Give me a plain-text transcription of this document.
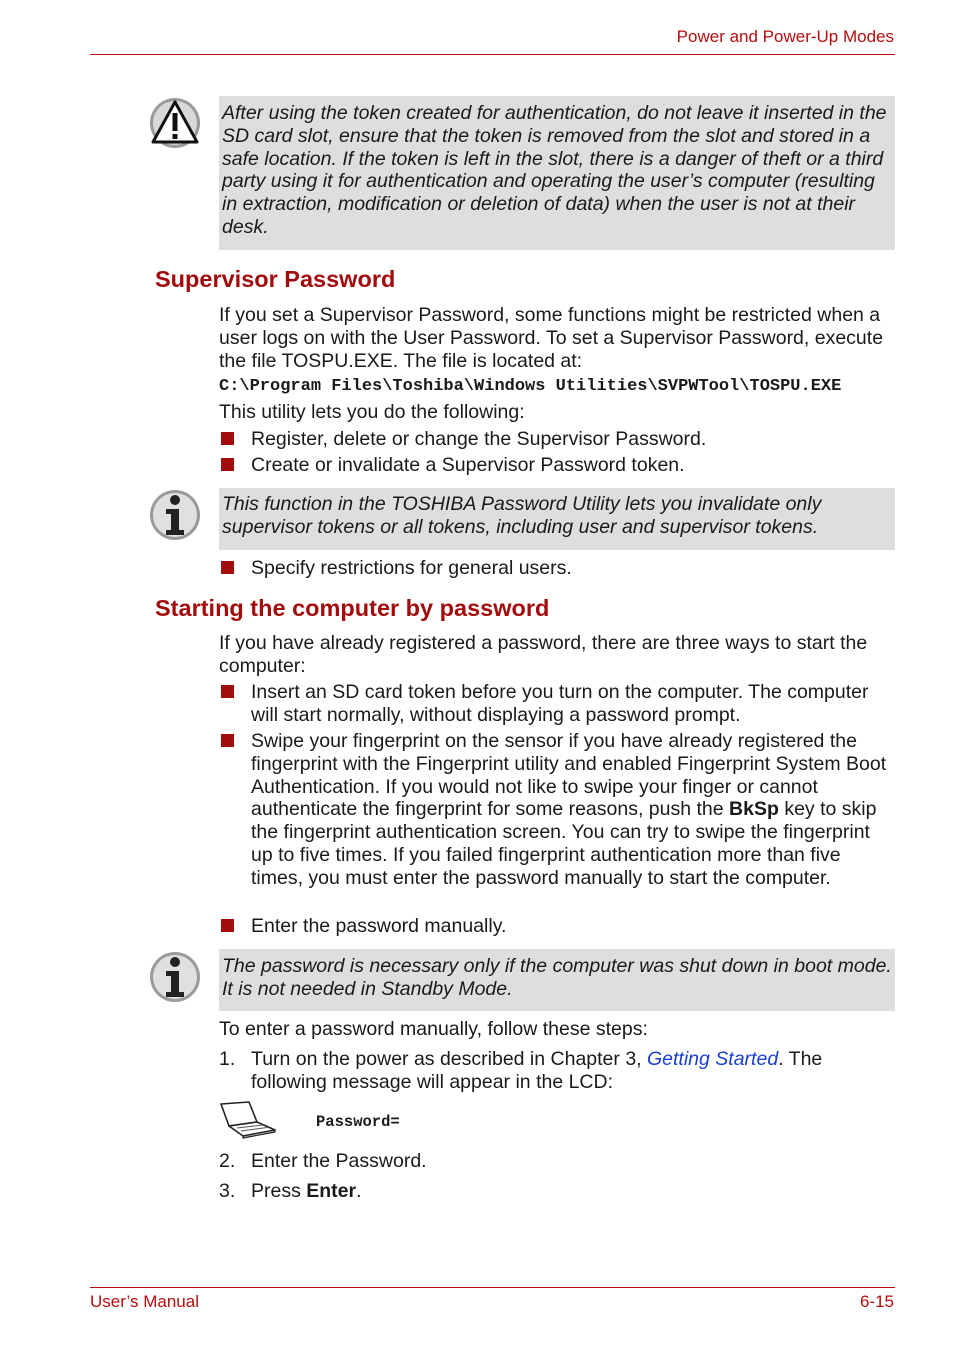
Power and Power-Up Modes
After using the token created for authentication, do not leave it inserted in the SD card slot, ensure that the token is removed from the slot and stored in a safe location. If the token is left in the slot, there is a danger of theft or a third party using it for authentication and operating the user’s computer (resulting in extraction, modification or deletion of data) when the user is not at their desk.
Supervisor Password

If you set a Supervisor Password, some functions might be restricted when a user logs on with the User Password. To set a Supervisor Password, execute the file TOSPU.EXE. The file is located at:

C:\Program Files\Toshiba\Windows Utilities\SVPWTool\TOSPU.EXE

This utility lets you do the following:

Register, delete or change the Supervisor Password.

Create or invalidate a Supervisor Password token.

This function in the TOSHIBA Password Utility lets you invalidate only supervisor tokens or all tokens, including user and supervisor tokens.

Specify restrictions for general users.

Starting the computer by password

If you have already registered a password, there are three ways to start the computer:

Insert an SD card token before you turn on the computer. The computer will start normally, without displaying a password prompt.

Swipe your fingerprint on the sensor if you have already registered the fingerprint with the Fingerprint utility and enabled Fingerprint System Boot Authentication. If you would not like to swipe your finger or cannot authenticate the fingerprint for some reasons, push the BkSp key to skip the fingerprint authentication screen. You can try to swipe the fingerprint up to five times. If you failed fingerprint authentication more than five times, you must enter the password manually to start the computer.

Enter the password manually.

The password is necessary only if the computer was shut down in boot mode. It is not needed in Standby Mode.

To enter a password manually, follow these steps:

1. Turn on the power as described in Chapter 3, Getting Started. The following message will appear in the LCD:

Password=
2. Enter the Password.

3. Press Enter.

User’s Manual	6-15
